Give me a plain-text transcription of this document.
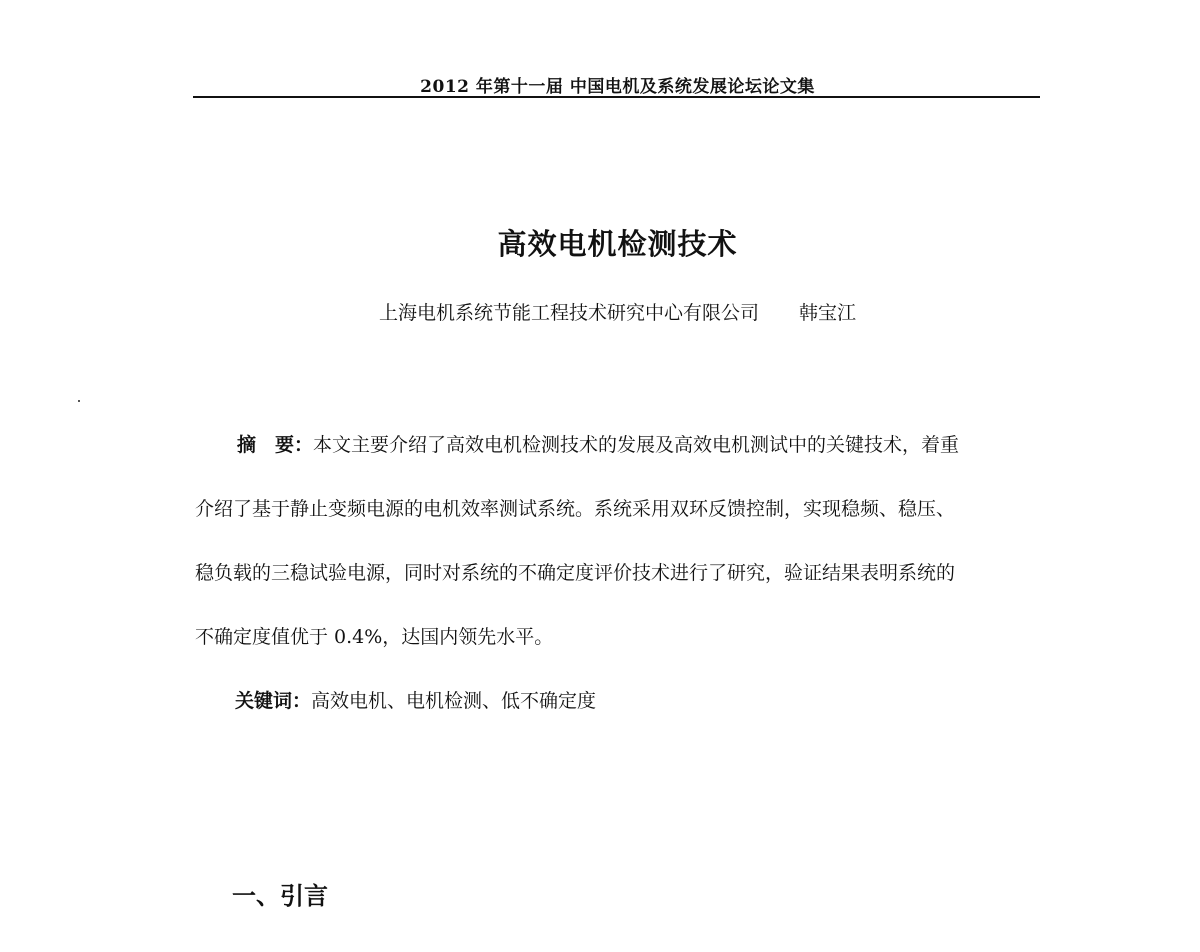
2012 年第十一届 中国电机及系统发展论坛论文集
高效电机检测技术
上海电机系统节能工程技术研究中心有限公司 韩宝江
摘　要：本文主要介绍了高效电机检测技术的发展及高效电机测试中的关键技术，着重
介绍了基于静止变频电源的电机效率测试系统。系统采用双环反馈控制，实现稳频、稳压、
稳负载的三稳试验电源，同时对系统的不确定度评价技术进行了研究，验证结果表明系统的
不确定度值优于 0.4%，达国内领先水平。
关键词：高效电机、电机检测、低不确定度
一、引言
